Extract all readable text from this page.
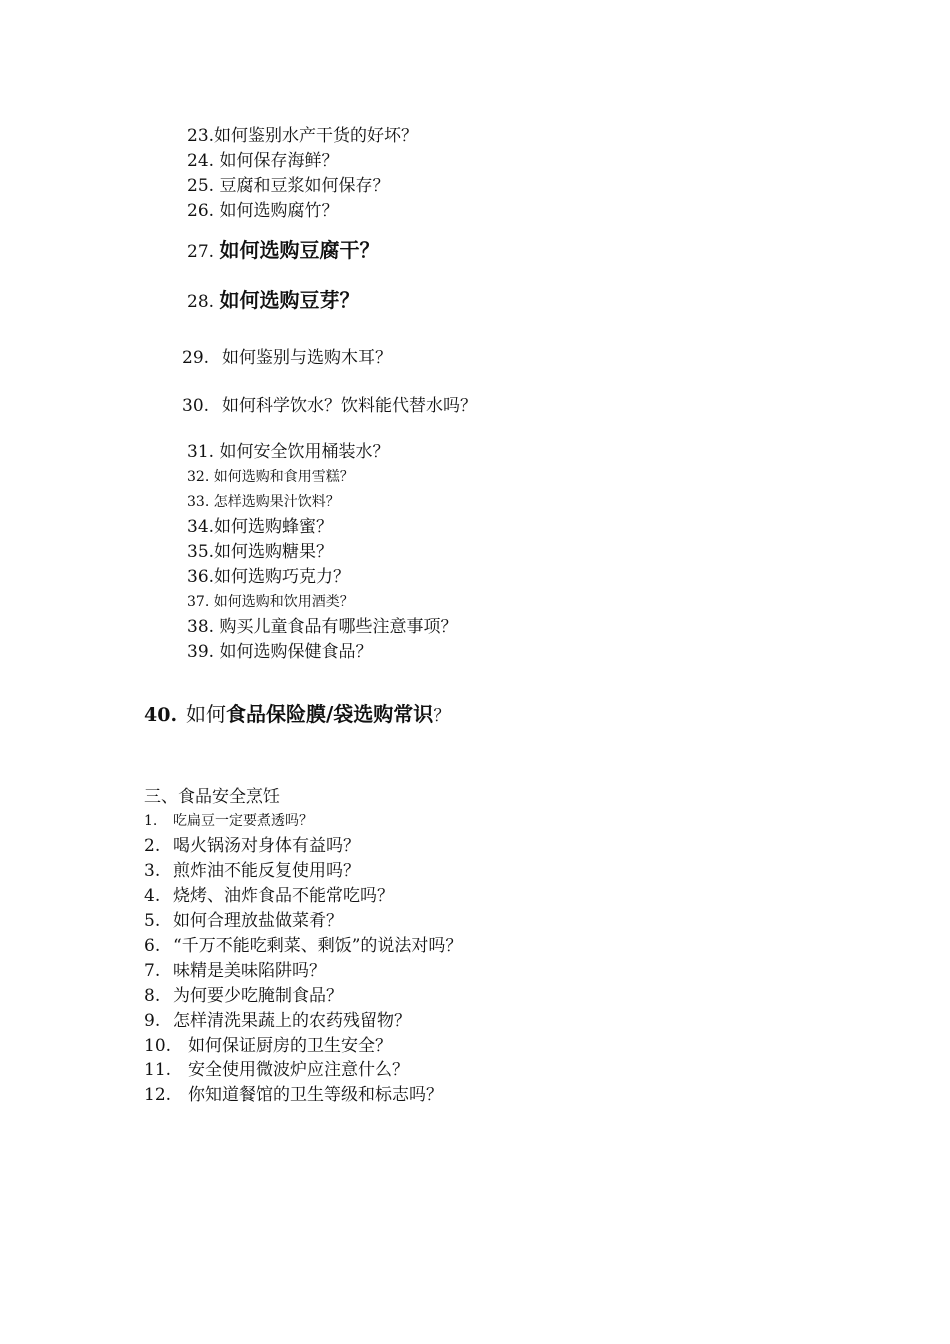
23.如何鉴别水产干货的好坏？
24. 如何保存海鲜？
25. 豆腐和豆浆如何保存？
26. 如何选购腐竹？
27. 如何选购豆腐干？
28. 如何选购豆芽？
29. 如何鉴别与选购木耳？
30. 如何科学饮水？饮料能代替水吗？
31. 如何安全饮用桶装水？
32. 如何选购和食用雪糕？
33. 怎样选购果汁饮料？
34.如何选购蜂蜜？
35.如何选购糖果？
36.如何选购巧克力？
37. 如何选购和饮用酒类？
38. 购买儿童食品有哪些注意事项？
39. 如何选购保健食品？
40. 如何食品保险膜/袋选购常识？
三、食品安全烹饪
1. 吃扁豆一定要煮透吗？
2. 喝火锅汤对身体有益吗？
3. 煎炸油不能反复使用吗？
4. 烧烤、油炸食品不能常吃吗？
5. 如何合理放盐做菜肴？
6. “千万不能吃剩菜、剩饭”的说法对吗？
7. 味精是美味陷阱吗？
8. 为何要少吃腌制食品？
9. 怎样清洗果蔬上的农药残留物？
10. 如何保证厨房的卫生安全？
11. 安全使用微波炉应注意什么？
12. 你知道餐馆的卫生等级和标志吗？
